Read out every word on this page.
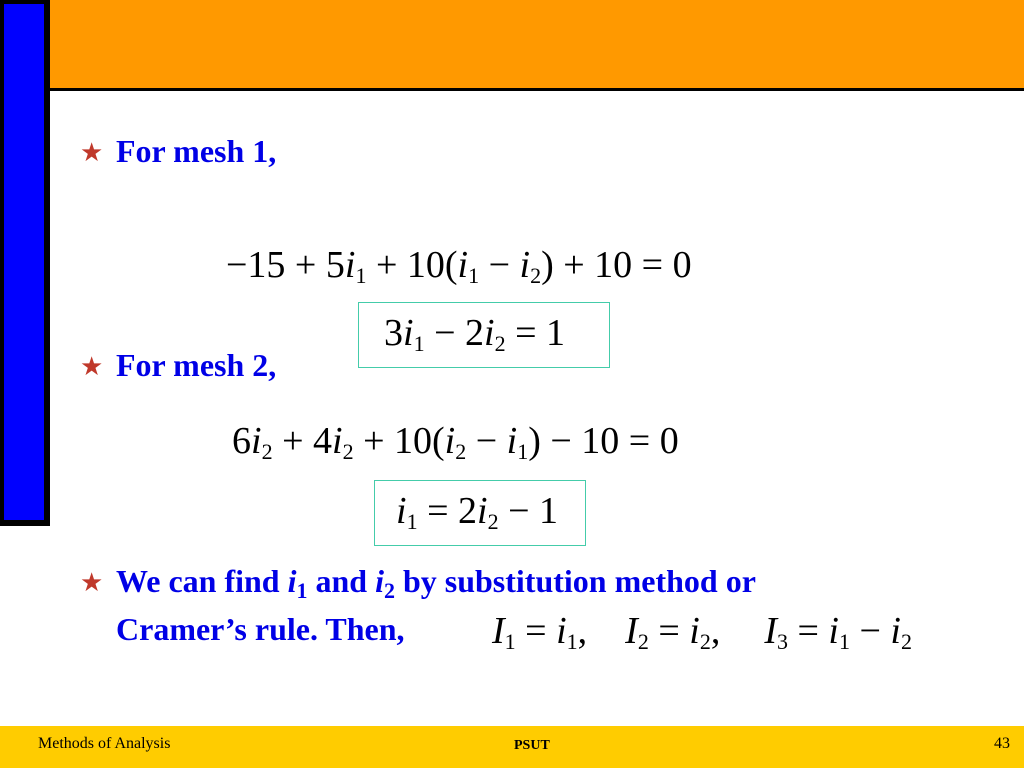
★ For mesh 1,
$-15 + 5i_1 + 10(i_1 - i_2) + 10 = 0$
$3i_1 - 2i_2 = 1$
★ For mesh 2,
$6i_2 + 4i_2 + 10(i_2 - i_1) - 10 = 0$
$i_1 = 2i_2 - 1$
★ We can find i1 and i2 by substitution method or
Cramer’s rule. Then, $I_1 = i_1$, $I_2 = i_2$, $I_3 = i_1 - i_2$
Methods of Analysis	PSUT	43
